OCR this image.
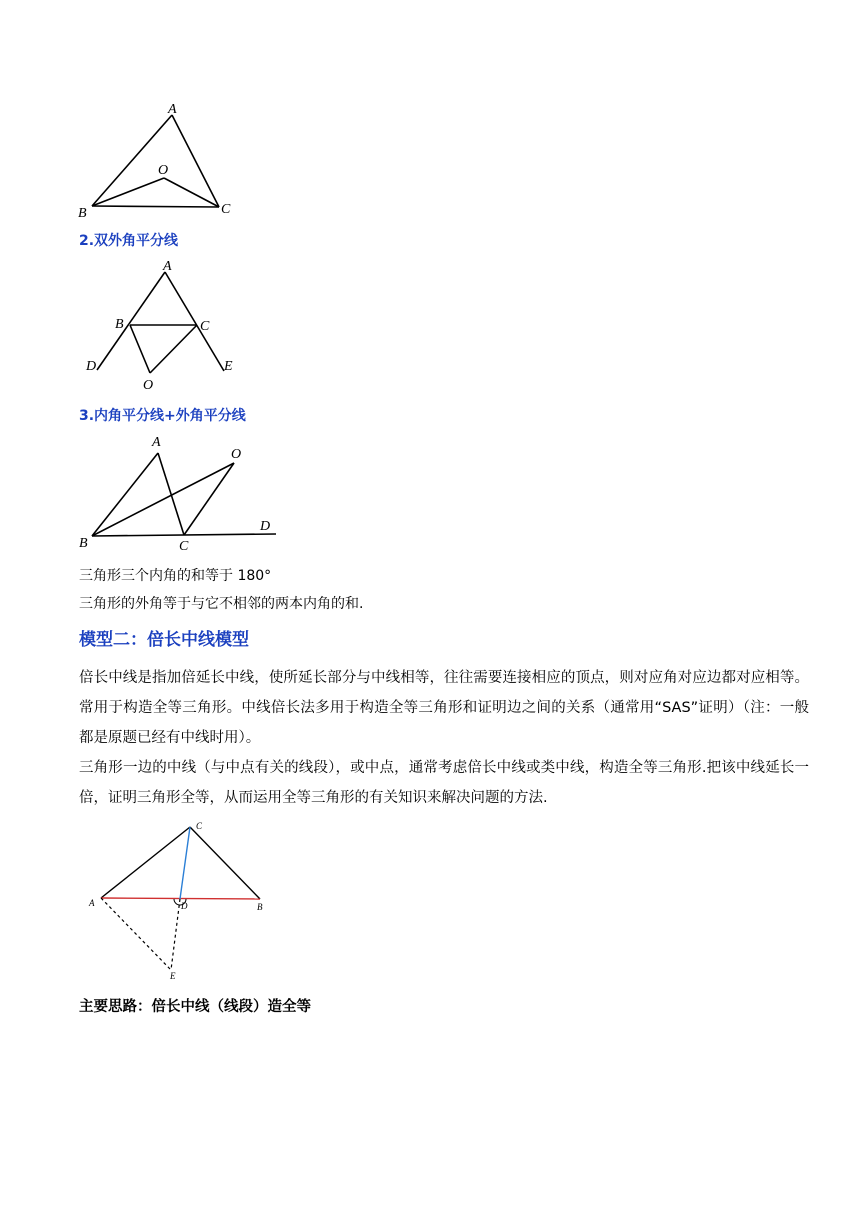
A
O
B	C
2.双外角平分线
A
B	C
D	E
O
3.内角平分线+外角平分线
A
O
B	C
D
三角形三个内角的和等于 180°
三角形的外角等于与它不相邻的两本内角的和.
模型二：倍长中线模型
倍长中线是指加倍延长中线，使所延长部分与中线相等，往往需要连接相应的顶点，则对应角对应边都对应相等。常用于构造全等三角形。中线倍长法多用于构造全等三角形和证明边之间的关系（通常用“SAS”证明）（注：一般都是原题已经有中线时用）。
三角形一边的中线（与中点有关的线段），或中点，通常考虑倍长中线或类中线，构造全等三角形.把该中线延长一倍，证明三角形全等，从而运用全等三角形的有关知识来解决问题的方法.
C
A	D	B
E
主要思路：倍长中线（线段）造全等
